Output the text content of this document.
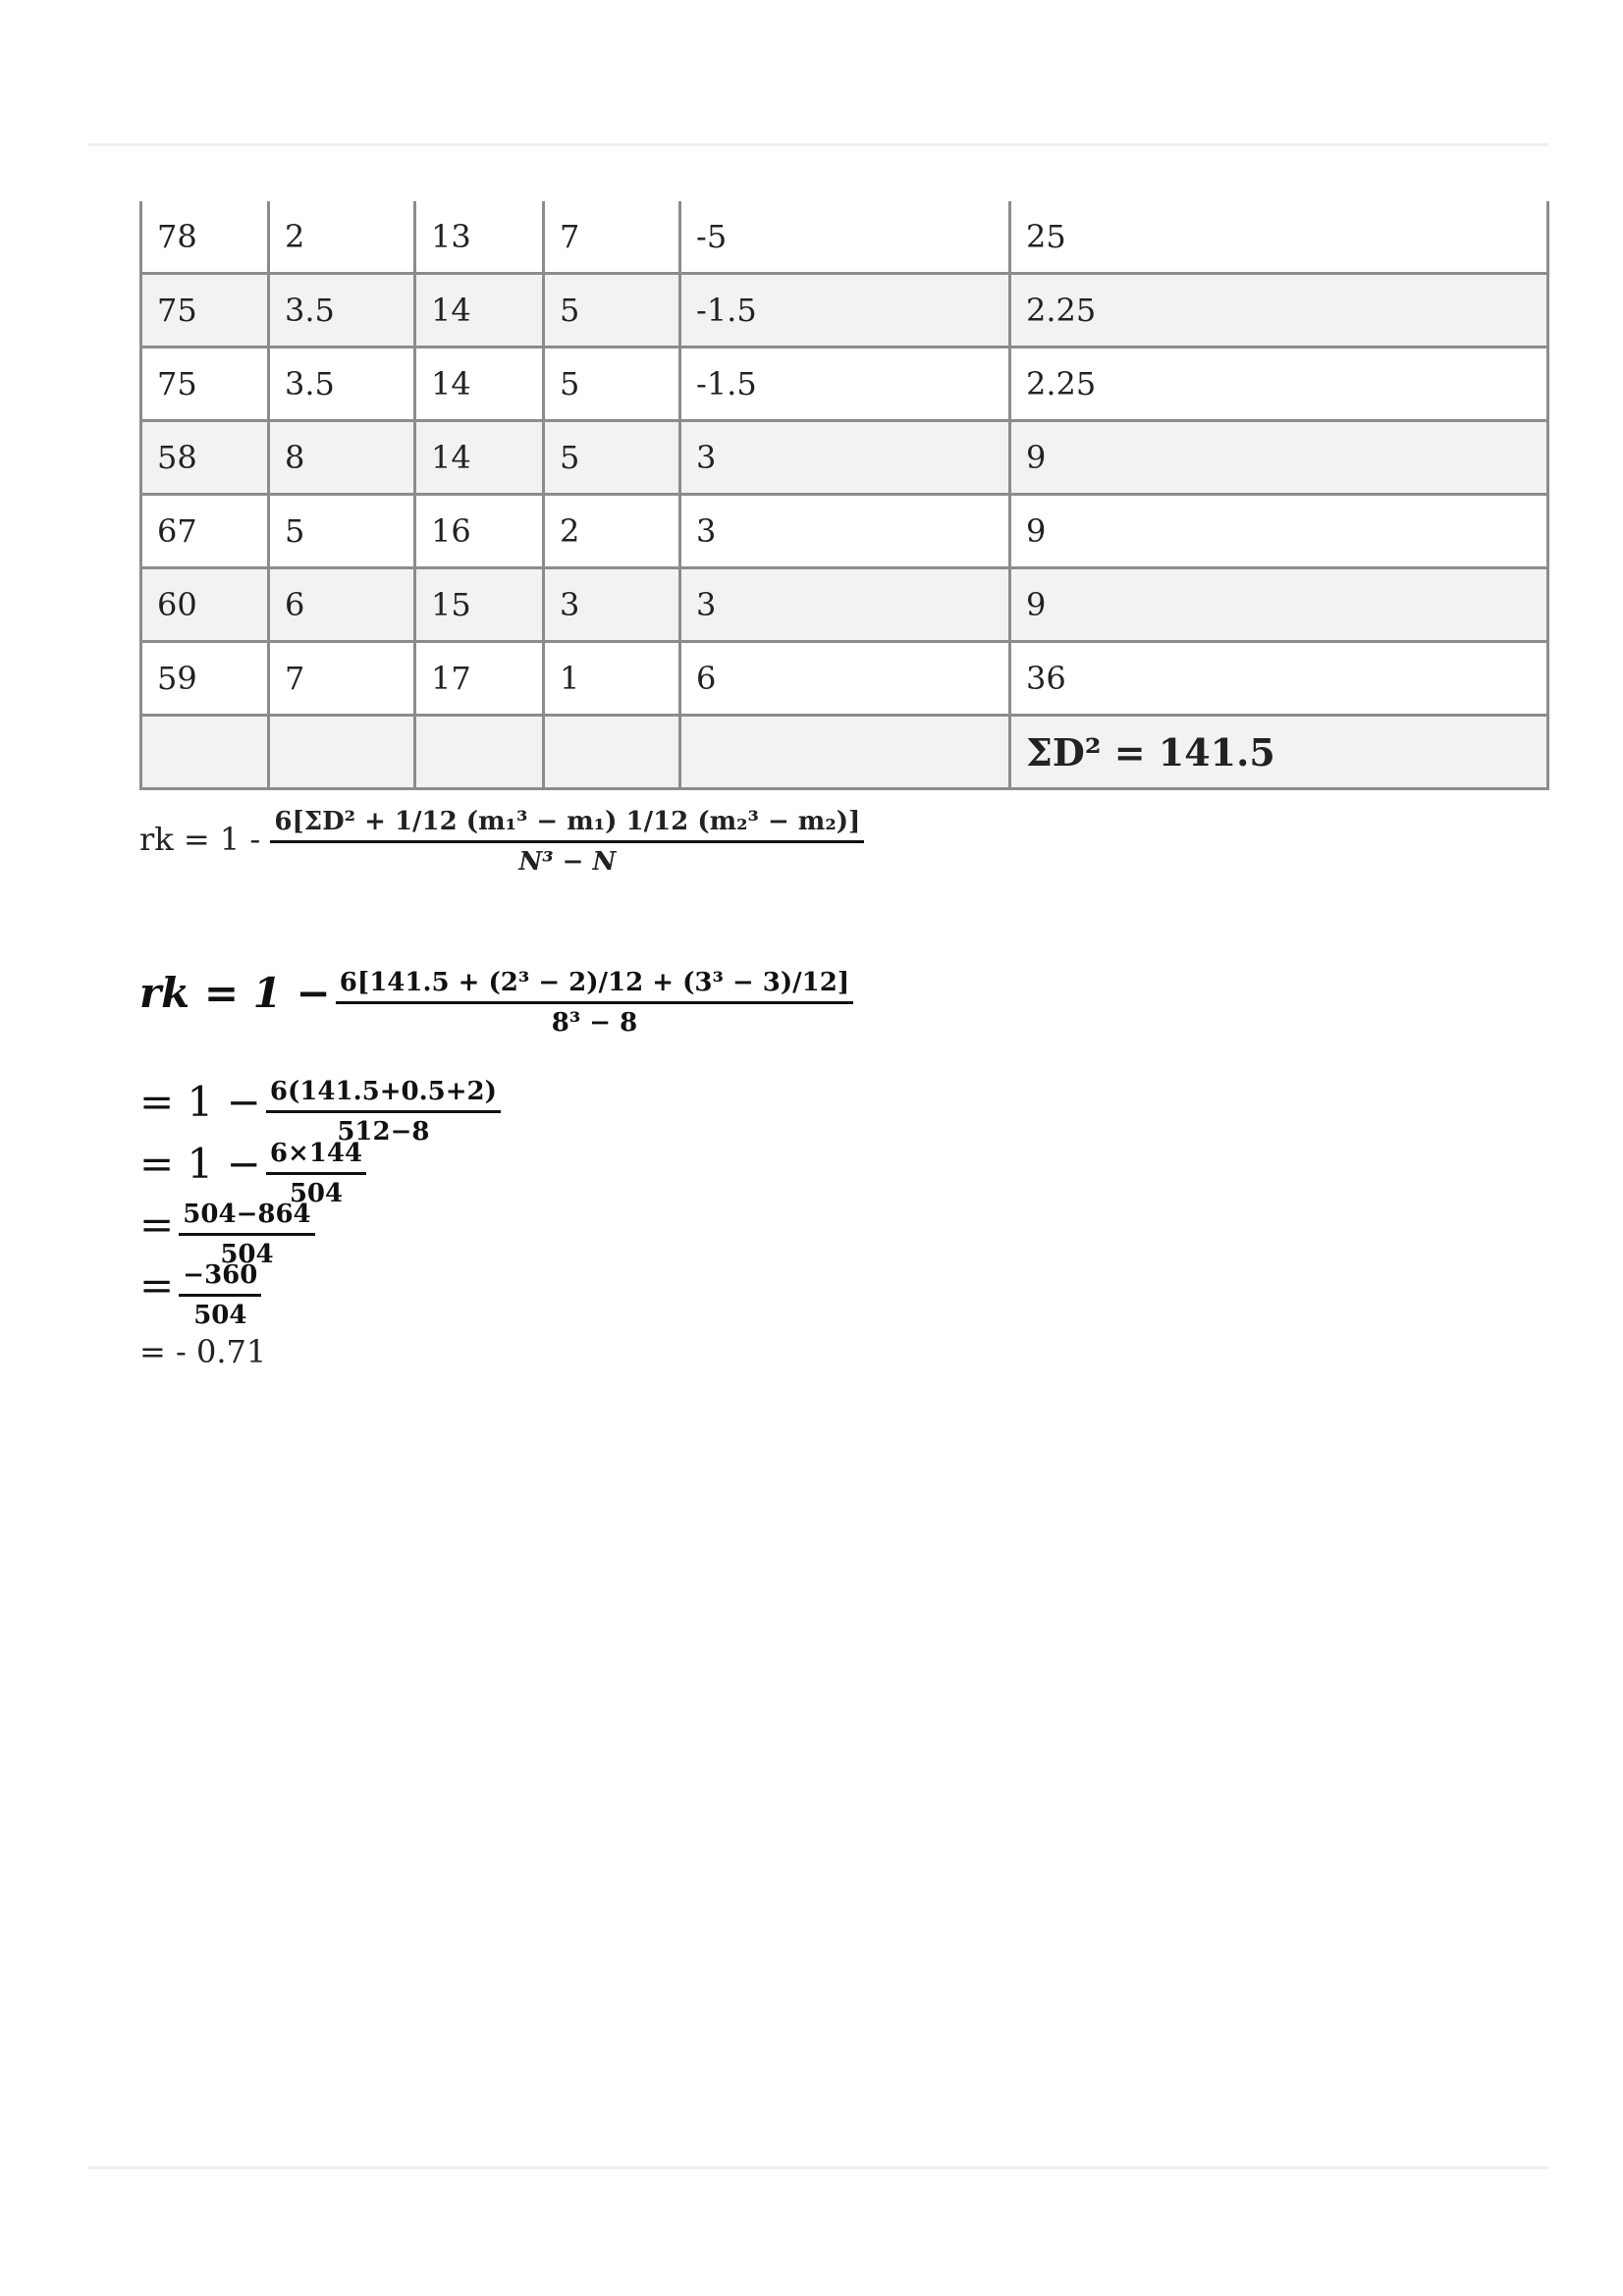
78	2	13	7	-5	25
75	3.5	14	5	-1.5	2.25
75	3.5	14	5	-1.5	2.25
58	8	14	5	3	9
67	5	16	2	3	9
60	6	15	3	3	9
59	7	17	1	6	36
					ΣD² = 141.5
rk = $1 - \frac{\text{6[ΣD² + 1/12 (m₁³ − m₁) 1/12 (m₂³ − m₂)]}}{\text{N³ − N}}$
rk = $1 - \frac{\text{6[141.5 + (2³ − 2)/12 + (3³ − 3)/12]}}{\text{8³ − 8}}$
= $1 - \frac{6(141.5+0.5+2)}{512-8}$
= $1 - \frac{6\times 144}{504}$
= $\frac{504-864}{504}$
= $\frac{-360}{504}$
= - 0.71
